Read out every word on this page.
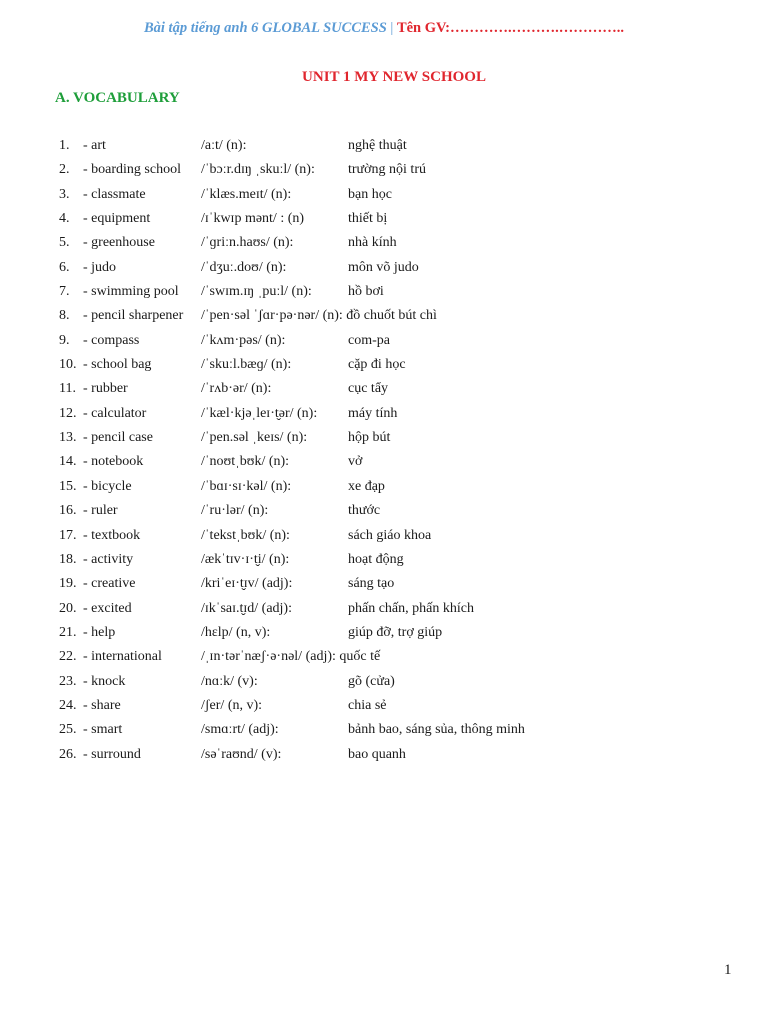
Bài tập tiếng anh 6 GLOBAL SUCCESS | Tên GV:………….……….…………..
UNIT 1 MY NEW SCHOOL
A. VOCABULARY
1. - art	/aːt/ (n):	nghệ thuật
2. - boarding school /ˈbɔːr.dɪŋ ˌskuːl/ (n): trường nội trú
3. - classmate	/ˈklæs.meɪt/ (n):	bạn học
4. - equipment	/ɪˈkwɪp mənt/ : (n)	thiết bị
5. - greenhouse	/ˈɡriːn.haʊs/ (n):	nhà kính
6. - judo	/ˈdʒuː.doʊ/ (n):	môn võ judo
7. - swimming pool /ˈswɪm.ɪŋ ˌpuːl/ (n):	hồ bơi
8. - pencil sharpener /ˈpen·səl ˈʃɑr·pə·nər/ (n): đồ chuốt bút chì
9. - compass	/ˈkʌm·pəs/ (n):	com-pa
10. - school bag	/ˈskuːl.bæɡ/ (n):	cặp đi học
11. - rubber	/ˈrʌb·ər/ (n):	cục tẩy
12. - calculator	/ˈkæl·kjəˌleɪ·t̬ər/ (n): máy tính
13. - pencil case	/ˈpen.səl ˌkeɪs/ (n):	hộp bút
14. - notebook	/ˈnoʊtˌbʊk/ (n):	vở
15. - bicycle	/ˈbɑɪ·sɪ·kəl/ (n):	xe đạp
16. - ruler	/ˈru·lər/ (n):	thước
17. - textbook	/ˈtekstˌbʊk/ (n):	sách giáo khoa
18. - activity	/ækˈtɪv·ɪ·t̬i/ (n):	hoạt động
19. - creative	/kriˈeɪ·t̬ɪv/ (adj):	sáng tạo
20. - excited	/ɪkˈsaɪ.t̬ɪd/ (adj):	phấn chấn, phấn khích
21. - help	/hɛlp/ (n, v):	giúp đỡ, trợ giúp
22. - international	/ˌɪn·tərˈnæʃ·ə·nəl/ (adj): quốc tế
23. - knock	/nɑːk/ (v):	gõ (cửa)
24. - share	/ʃer/ (n, v):	chia sẻ
25. - smart	/smɑːrt/ (adj):	bảnh bao, sáng sủa, thông minh
26. - surround	/səˈraʊnd/ (v):	bao quanh
1
